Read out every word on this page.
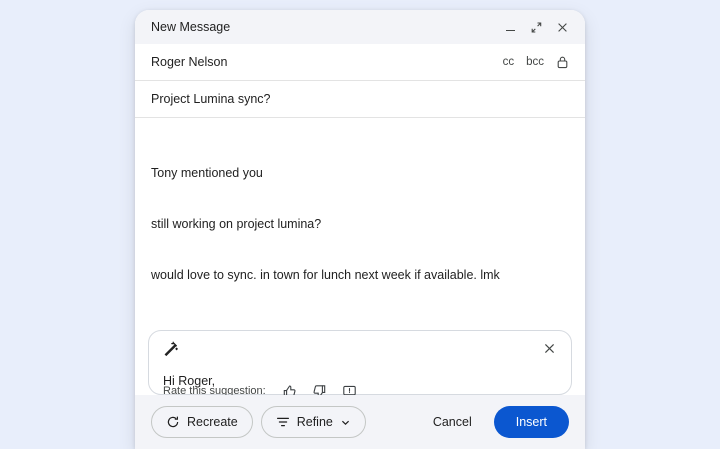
New Message
Roger Nelson	cc bcc
Project Lumina sync?

Tony mentioned you

still working on project lumina?

would love to sync. in town for lunch next week if available. lmk

Hi Roger,

Rate this suggestion:
Recreate	Refine	Cancel	Insert
